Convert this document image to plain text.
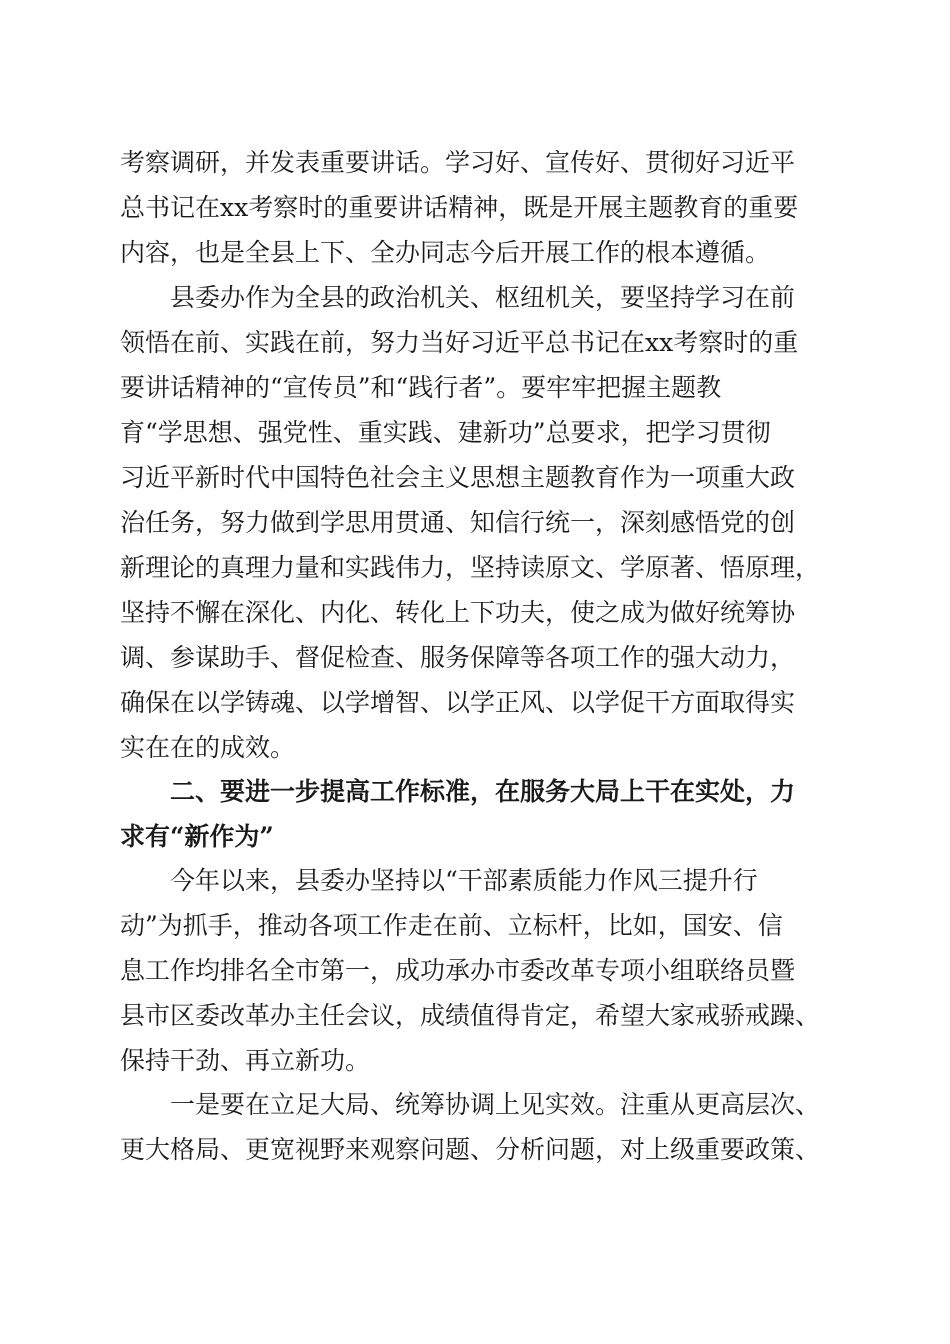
考察调研，并发表重要讲话。学习好、宣传好、贯彻好习近平
总书记在xx考察时的重要讲话精神，既是开展主题教育的重要
内容，也是全县上下、全办同志今后开展工作的根本遵循。
县委办作为全县的政治机关、枢纽机关，要坚持学习在前
领悟在前、实践在前，努力当好习近平总书记在xx考察时的重
要讲话精神的“宣传员”和“践行者”。要牢牢把握主题教
育“学思想、强党性、重实践、建新功”总要求，把学习贯彻
习近平新时代中国特色社会主义思想主题教育作为一项重大政
治任务，努力做到学思用贯通、知信行统一，深刻感悟党的创
新理论的真理力量和实践伟力，坚持读原文、学原著、悟原理，
坚持不懈在深化、内化、转化上下功夫，使之成为做好统筹协
调、参谋助手、督促检查、服务保障等各项工作的强大动力，
确保在以学铸魂、以学增智、以学正风、以学促干方面取得实
实在在的成效。
二、要进一步提高工作标准，在服务大局上干在实处，力
求有“新作为”
今年以来，县委办坚持以“干部素质能力作风三提升行
动”为抓手，推动各项工作走在前、立标杆，比如，国安、信
息工作均排名全市第一，成功承办市委改革专项小组联络员暨
县市区委改革办主任会议，成绩值得肯定，希望大家戒骄戒躁、
保持干劲、再立新功。
一是要在立足大局、统筹协调上见实效。注重从更高层次、
更大格局、更宽视野来观察问题、分析问题，对上级重要政策、
